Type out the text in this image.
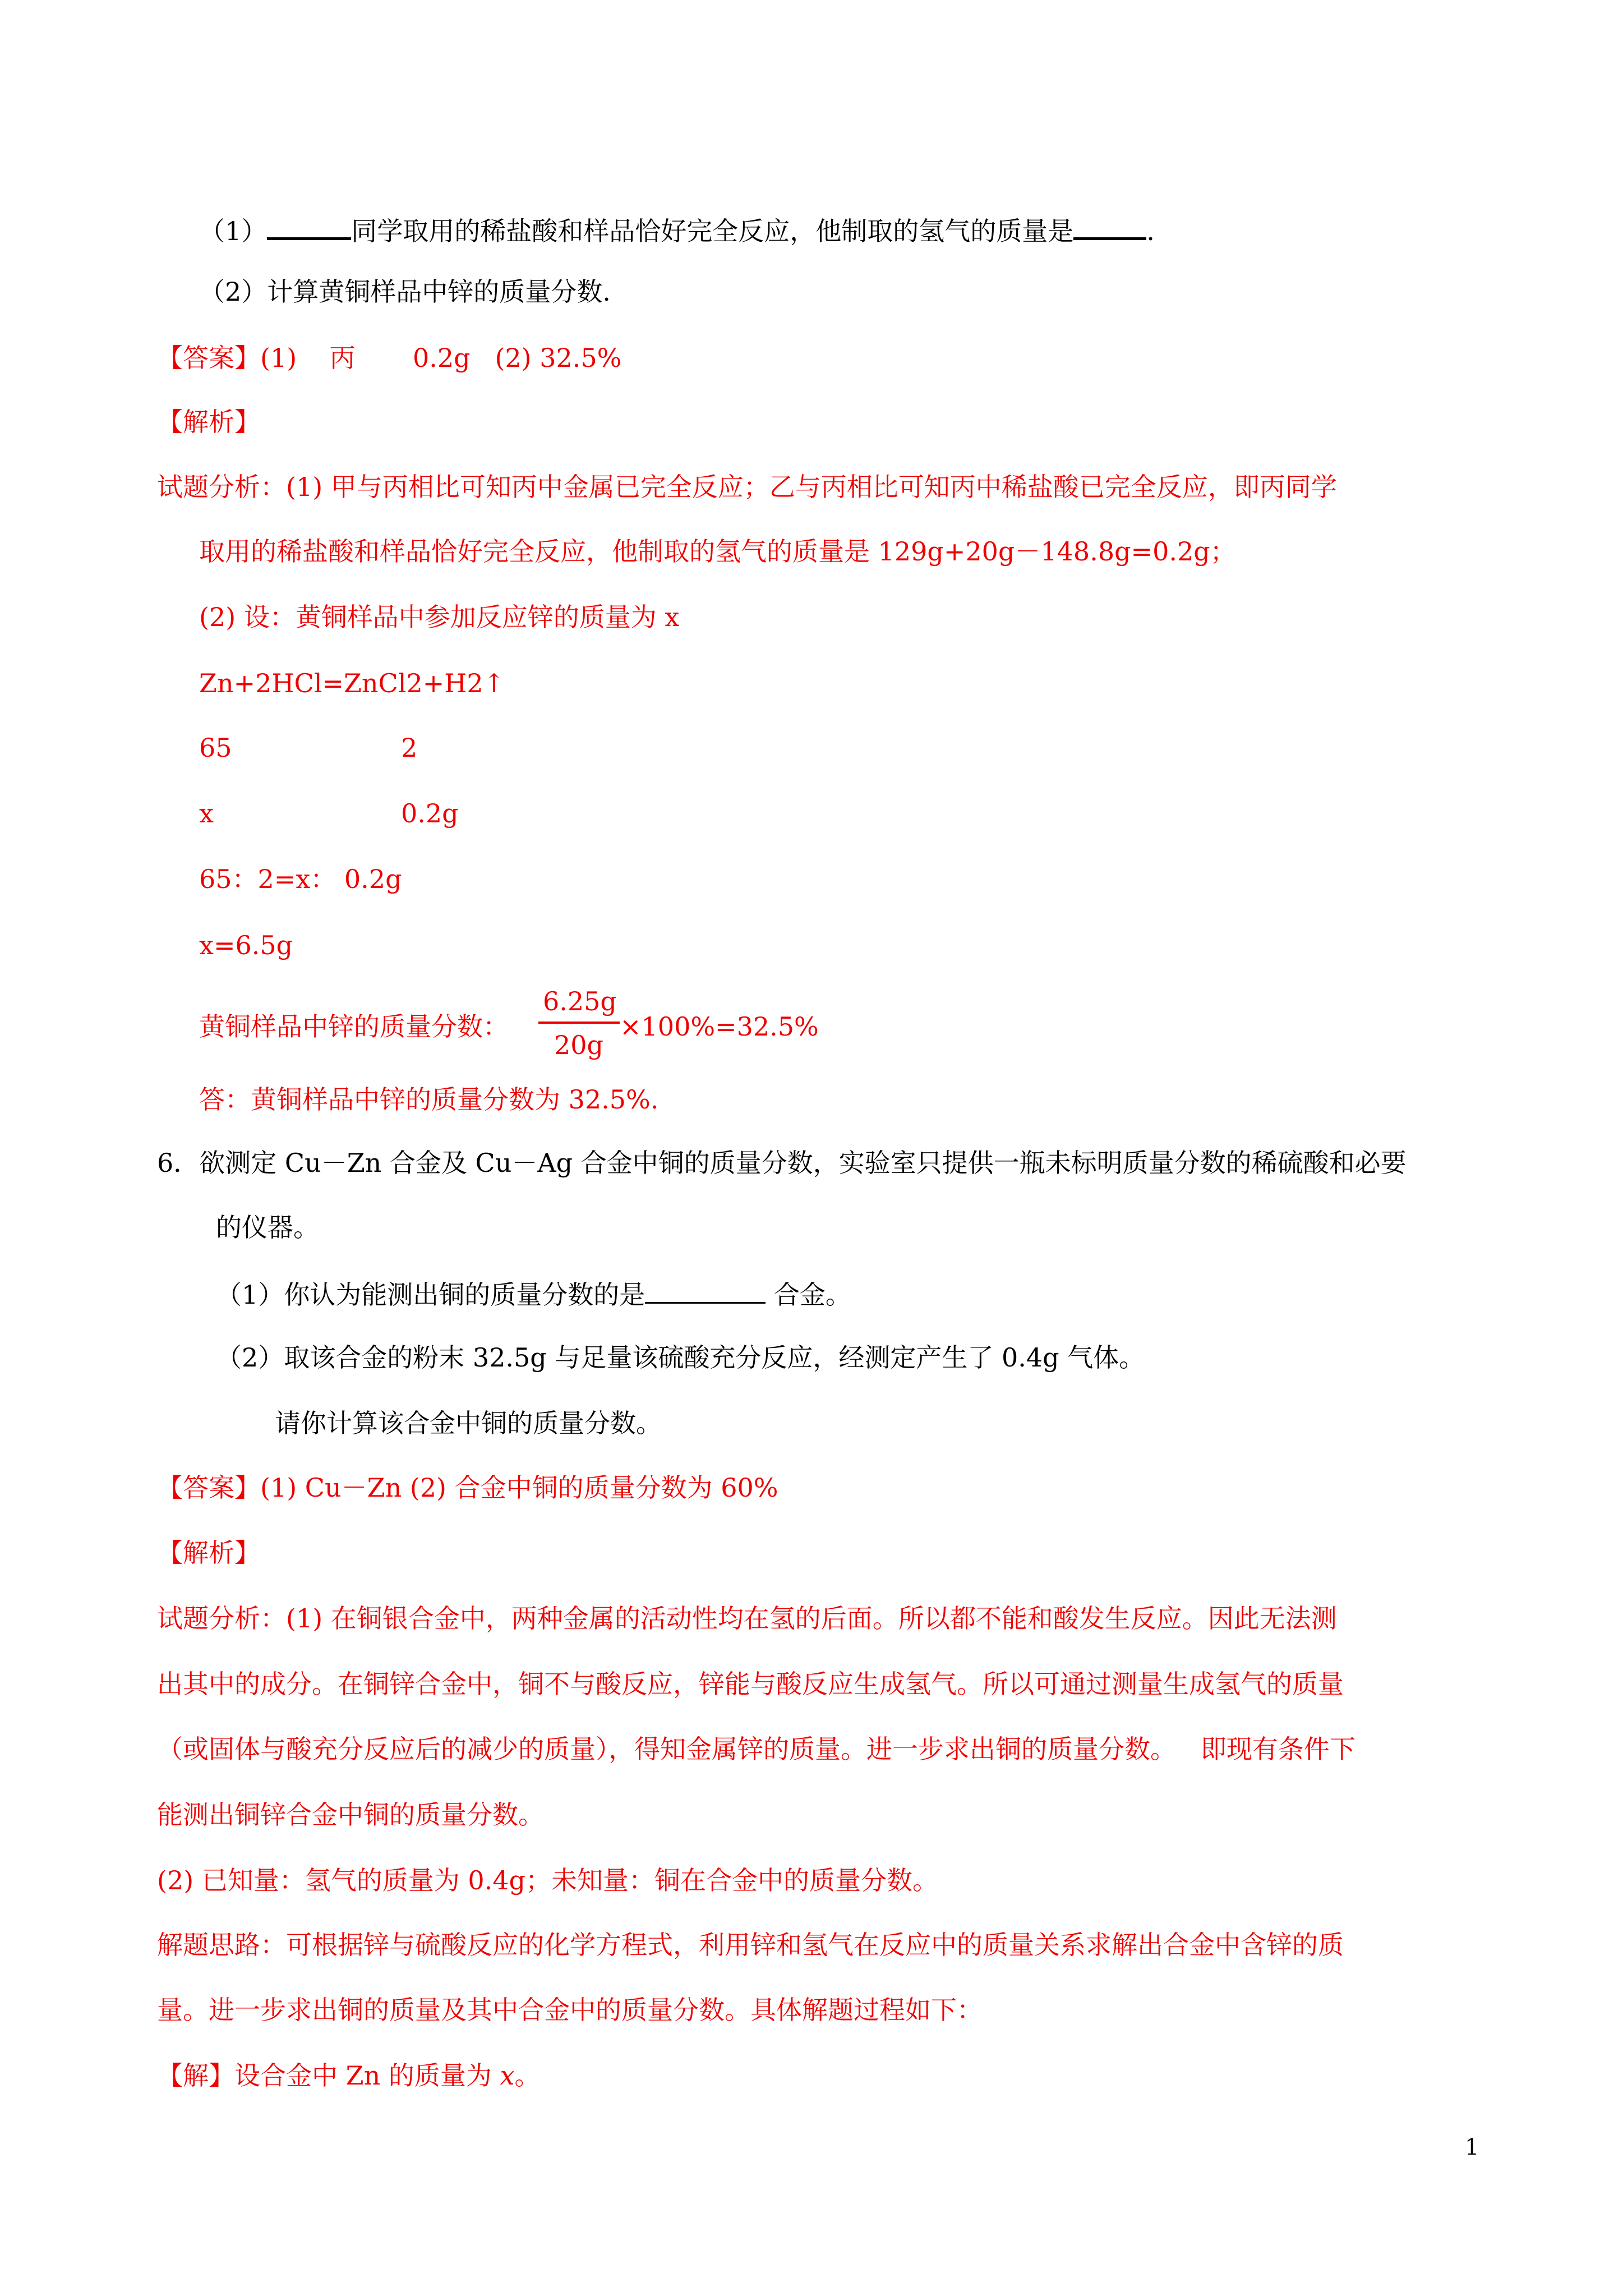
（1）	同学取用的稀盐酸和样品恰好完全反应，他制取的氢气的质量是	.
（2）计算黄铜样品中锌的质量分数.
【答案】(1)    丙       0.2g   (2) 32.5%
【解析】
试题分析：(1) 甲与丙相比可知丙中金属已完全反应；乙与丙相比可知丙中稀盐酸已完全反应，即丙同学
取用的稀盐酸和样品恰好完全反应，他制取的氢气的质量是 129g+20g－148.8g=0.2g；
(2) 设：黄铜样品中参加反应锌的质量为 x
Zn+2HCl=ZnCl2+H2↑
65	2
x	0.2g
65：2=x： 0.2g
x=6.5g
黄铜样品中锌的质量分数：
6.25g
20g
×100%=32.5%
答：黄铜样品中锌的质量分数为 32.5%.
6．欲测定 Cu－Zn 合金及 Cu－Ag 合金中铜的质量分数，实验室只提供一瓶未标明质量分数的稀硫酸和必要
的仪器。
（1）你认为能测出铜的质量分数的是	合金。
（2）取该合金的粉末 32.5g 与足量该硫酸充分反应，经测定产生了 0.4g 气体。
请你计算该合金中铜的质量分数。
【答案】(1) Cu－Zn (2) 合金中铜的质量分数为 60%
【解析】
试题分析：(1) 在铜银合金中，两种金属的活动性均在氢的后面。所以都不能和酸发生反应。因此无法测
出其中的成分。在铜锌合金中，铜不与酸反应，锌能与酸反应生成氢气。所以可通过测量生成氢气的质量
（或固体与酸充分反应后的减少的质量），得知金属锌的质量。进一步求出铜的质量分数。   即现有条件下
能测出铜锌合金中铜的质量分数。
(2) 已知量：氢气的质量为 0.4g；未知量：铜在合金中的质量分数。
解题思路：可根据锌与硫酸反应的化学方程式，利用锌和氢气在反应中的质量关系求解出合金中含锌的质
量。进一步求出铜的质量及其中合金中的质量分数。具体解题过程如下：
【解】设合金中 Zn 的质量为 x。
1
